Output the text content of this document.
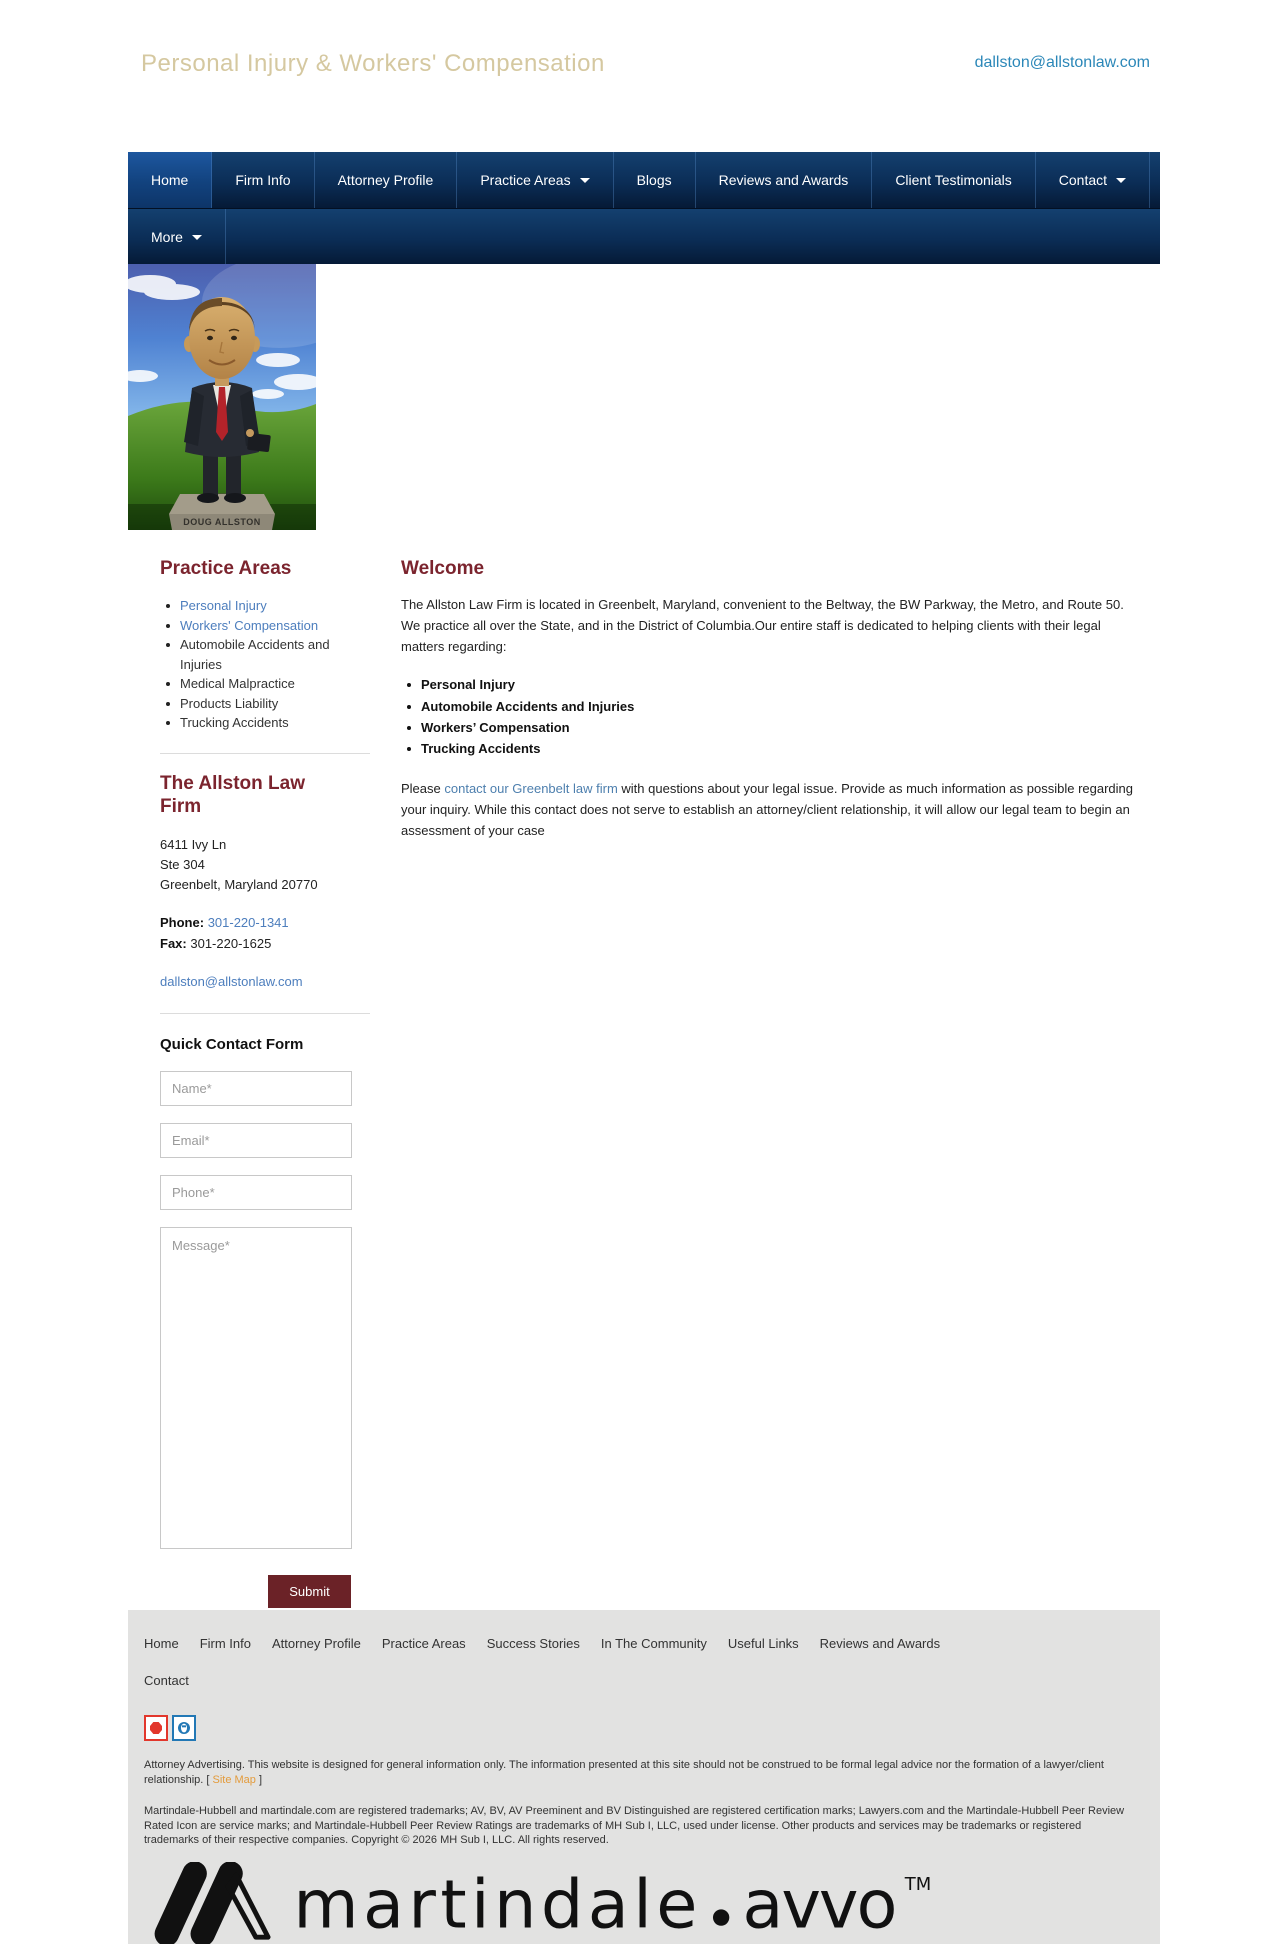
Personal Injury & Workers' Compensation	dallston@allstonlaw.com
Home	Firm Info	Attorney Profile	Practice Areas	Blogs	Reviews and Awards	Client Testimonials	Contact
More
DOUG ALLSTON
Practice Areas
Personal Injury
Workers' Compensation
Automobile Accidents and Injuries
Medical Malpractice
Products Liability
Trucking Accidents
The Allston Law Firm
6411 Ivy Ln
Ste 304
Greenbelt, Maryland 20770
Phone: 301-220-1341
Fax: 301-220-1625
dallston@allstonlaw.com
Quick Contact Form
Name*
Email*
Phone*
Message*
Submit
Welcome

The Allston Law Firm is located in Greenbelt, Maryland, convenient to the Beltway, the BW Parkway, the Metro, and Route 50.  We practice all over the State, and in the District of Columbia.Our entire staff is dedicated to helping clients with their legal matters regarding:

Personal Injury
Automobile Accidents and Injuries
Workers’ Compensation
Trucking Accidents

Please contact our Greenbelt law firm with questions about your legal issue. Provide as much information as possible regarding your inquiry. While this contact does not serve to establish an attorney/client relationship, it will allow our legal team to begin an assessment of your case

Home Firm Info Attorney Profile Practice Areas Success Stories In The Community Useful Links Reviews and Awards
Contact

Attorney Advertising. This website is designed for general information only. The information presented at this site should not be construed to be formal legal advice nor the formation of a lawyer/client relationship. [ Site Map ]

Martindale-Hubbell and martindale.com are registered trademarks; AV, BV, AV Preeminent and BV Distinguished are registered certification marks; Lawyers.com and the Martindale-Hubbell Peer Review Rated Icon are service marks; and Martindale-Hubbell Peer Review Ratings are trademarks of MH Sub I, LLC, used under license. Other products and services may be trademarks or registered trademarks of their respective companies. Copyright © 2026 MH Sub I, LLC. All rights reserved.

martindale avvo TM
